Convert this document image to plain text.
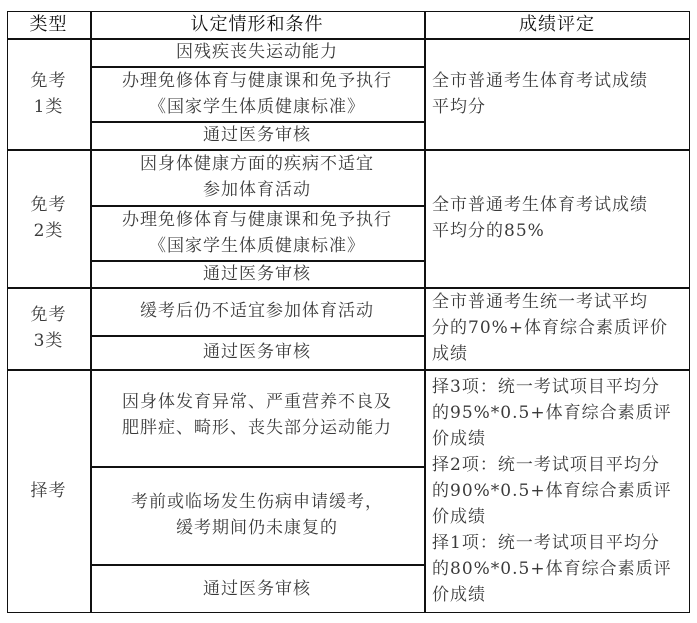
类型	认定情形和条件	成绩评定
免考
1类
因残疾丧失运动能力
办理免修体育与健康课和免予执行
《国家学生体质健康标准》
通过医务审核
全市普通考生体育考试成绩
平均分
免考
2类
因身体健康方面的疾病不适宜
参加体育活动
办理免修体育与健康课和免予执行
《国家学生体质健康标准》
通过医务审核
全市普通考生体育考试成绩
平均分的85%
免考
3类
缓考后仍不适宜参加体育活动
通过医务审核
全市普通考生统一考试平均
分的70%+体育综合素质评价
成绩
择考
因身体发育异常、严重营养不良及
肥胖症、畸形、丧失部分运动能力
考前或临场发生伤病申请缓考，
缓考期间仍未康复的
通过医务审核
择3项：统一考试项目平均分
的95%*0.5+体育综合素质评
价成绩
择2项：统一考试项目平均分
的90%*0.5+体育综合素质评
价成绩
择1项：统一考试项目平均分
的80%*0.5+体育综合素质评
价成绩
